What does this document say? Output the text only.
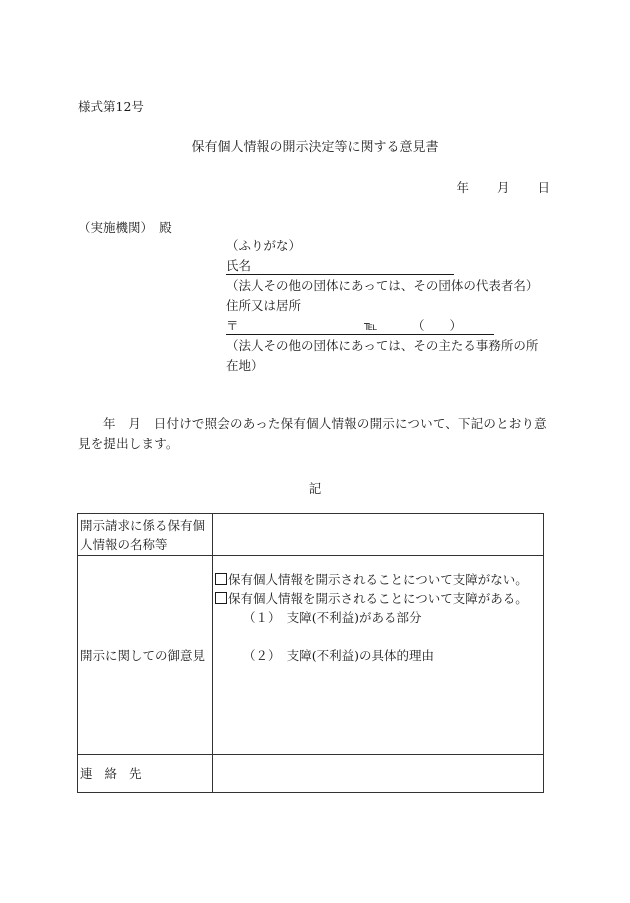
様式第12号
保有個人情報の開示決定等に関する意見書
年 月 日
（実施機関）　殿
（ふりがな）
氏名
（法人その他の団体にあっては、その団体の代表者名）
住所又は居所
〒	℡	（　　）
（法人その他の団体にあっては、その主たる事務所の所
在地）
年　月　日付けで照会のあった保有個人情報の開示について、下記のとおり意見を提出します。
記
開示請求に係る保有個人情報の名称等	
開示に関しての御意見	保有個人情報を開示されることについて支障がない。
保有個人情報を開示されることについて支障がある。
（１）　支障(不利益)がある部分
（２）　支障(不利益)の具体的理由

連絡先	
